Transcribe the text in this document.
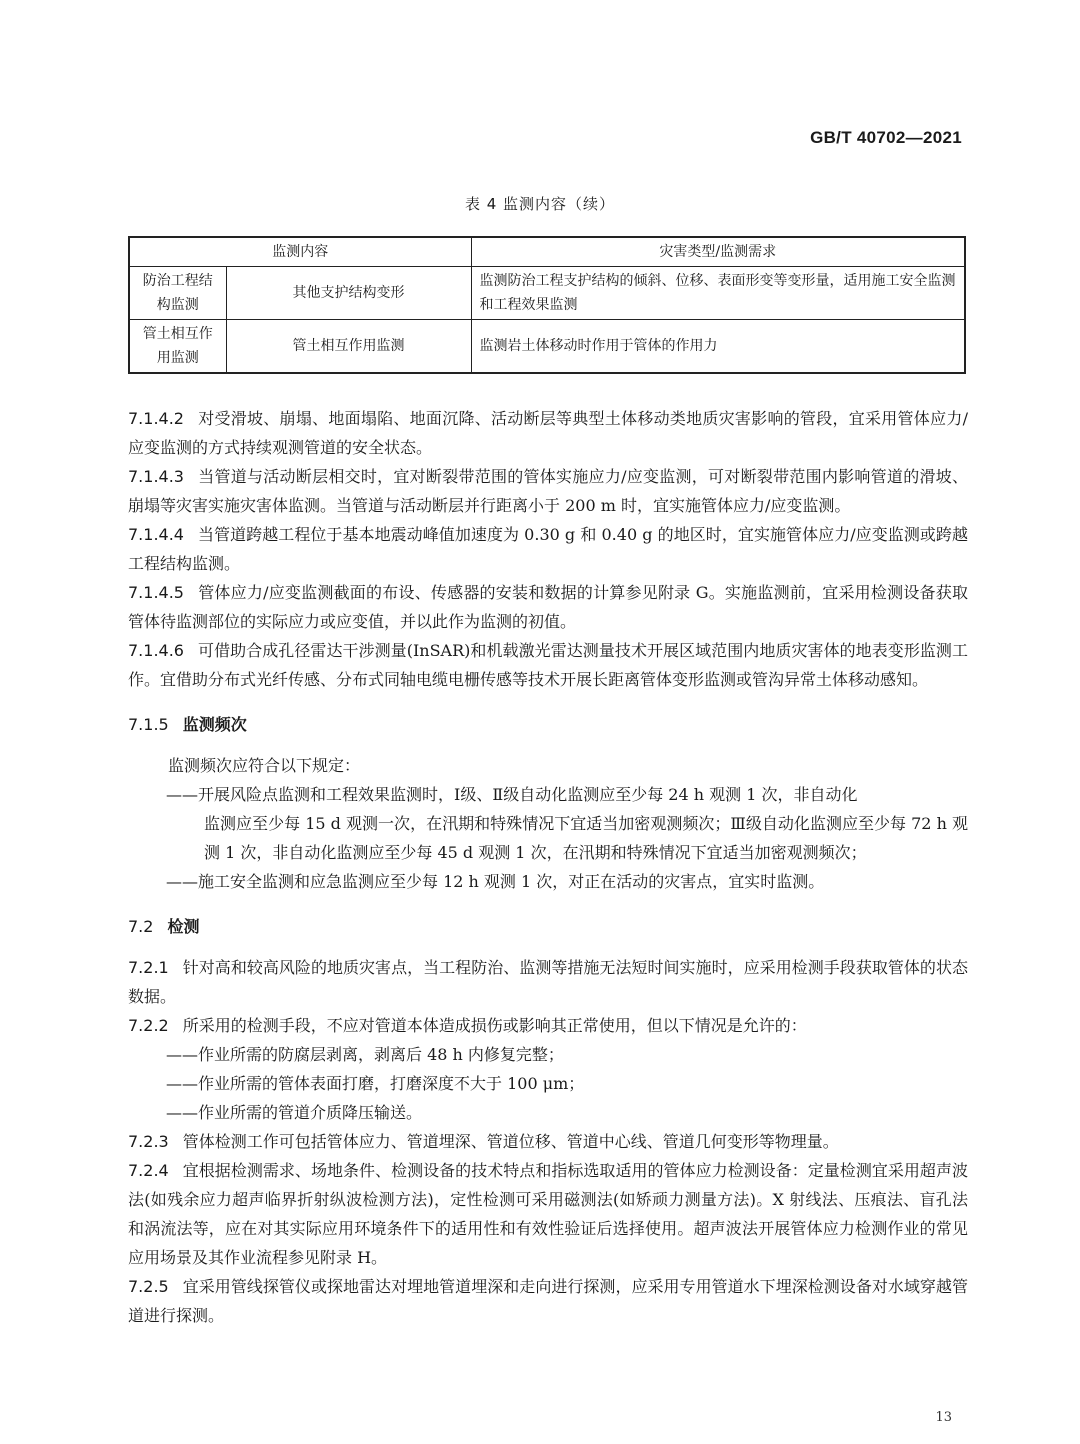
GB/T 40702—2021
表 4 监测内容（续）
监测内容		灾害类型/监测需求
防治工程结构监测	其他支护结构变形	监测防治工程支护结构的倾斜、位移、表面形变等变形量，适用施工安全监测和工程效果监测
管土相互作用监测	管土相互作用监测	监测岩土体移动时作用于管体的作用力
7.1.4.2 对受滑坡、崩塌、地面塌陷、地面沉降、活动断层等典型土体移动类地质灾害影响的管段，宜采用管体应力/应变监测的方式持续观测管道的安全状态。
7.1.4.3 当管道与活动断层相交时，宜对断裂带范围的管体实施应力/应变监测，可对断裂带范围内影响管道的滑坡、崩塌等灾害实施灾害体监测。当管道与活动断层并行距离小于 200 m 时，宜实施管体应力/应变监测。
7.1.4.4 当管道跨越工程位于基本地震动峰值加速度为 0.30 g 和 0.40 g 的地区时，宜实施管体应力/应变监测或跨越工程结构监测。
7.1.4.5 管体应力/应变监测截面的布设、传感器的安装和数据的计算参见附录 G。实施监测前，宜采用检测设备获取管体待监测部位的实际应力或应变值，并以此作为监测的初值。
7.1.4.6 可借助合成孔径雷达干涉测量(InSAR)和机载激光雷达测量技术开展区域范围内地质灾害体的地表变形监测工作。宜借助分布式光纤传感、分布式同轴电缆电栅传感等技术开展长距离管体变形监测或管沟异常土体移动感知。
7.1.5 监测频次
监测频次应符合以下规定：
——开展风险点监测和工程效果监测时，Ⅰ级、Ⅱ级自动化监测应至少每 24 h 观测 1 次，非自动化
监测应至少每 15 d 观测一次，在汛期和特殊情况下宜适当加密观测频次；Ⅲ级自动化监测应至少每 72 h 观测 1 次，非自动化监测应至少每 45 d 观测 1 次，在汛期和特殊情况下宜适当加密观测频次；
——施工安全监测和应急监测应至少每 12 h 观测 1 次，对正在活动的灾害点，宜实时监测。
7.2 检测
7.2.1 针对高和较高风险的地质灾害点，当工程防治、监测等措施无法短时间实施时，应采用检测手段获取管体的状态数据。
7.2.2 所采用的检测手段，不应对管道本体造成损伤或影响其正常使用，但以下情况是允许的：
——作业所需的防腐层剥离，剥离后 48 h 内修复完整；
——作业所需的管体表面打磨，打磨深度不大于 100 μm；
——作业所需的管道介质降压输送。
7.2.3 管体检测工作可包括管体应力、管道埋深、管道位移、管道中心线、管道几何变形等物理量。
7.2.4 宜根据检测需求、场地条件、检测设备的技术特点和指标选取适用的管体应力检测设备：定量检测宜采用超声波法(如残余应力超声临界折射纵波检测方法)，定性检测可采用磁测法(如矫顽力测量方法)。X 射线法、压痕法、盲孔法和涡流法等，应在对其实际应用环境条件下的适用性和有效性验证后选择使用。超声波法开展管体应力检测作业的常见应用场景及其作业流程参见附录 H。
7.2.5 宜采用管线探管仪或探地雷达对埋地管道埋深和走向进行探测，应采用专用管道水下埋深检测设备对水域穿越管道进行探测。
13
